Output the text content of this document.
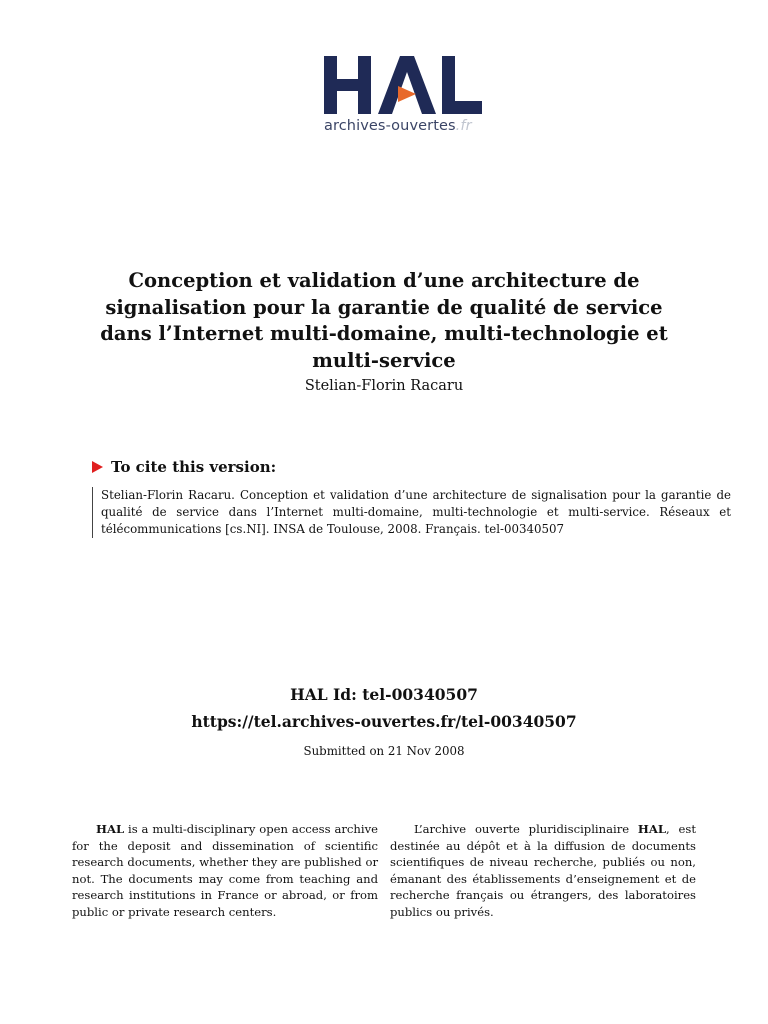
archives-ouvertes.fr
Conception et validation d’une architecture de signalisation pour la garantie de qualité de service dans l’Internet multi-domaine, multi-technologie et multi-service
Stelian-Florin Racaru
To cite this version:
Stelian-Florin Racaru. Conception et validation d’une architecture de signalisation pour la garantie de qualité de service dans l’Internet multi-domaine, multi-technologie et multi-service. Réseaux et télécommunications [cs.NI]. INSA de Toulouse, 2008. Français. tel-00340507
HAL Id: tel-00340507
https://tel.archives-ouvertes.fr/tel-00340507
Submitted on 21 Nov 2008
HAL is a multi-disciplinary open access archive for the deposit and dissemination of scientific research documents, whether they are published or not. The documents may come from teaching and research institutions in France or abroad, or from public or private research centers.
L’archive ouverte pluridisciplinaire HAL, est destinée au dépôt et à la diffusion de documents scientifiques de niveau recherche, publiés ou non, émanant des établissements d’enseignement et de recherche français ou étrangers, des laboratoires publics ou privés.
